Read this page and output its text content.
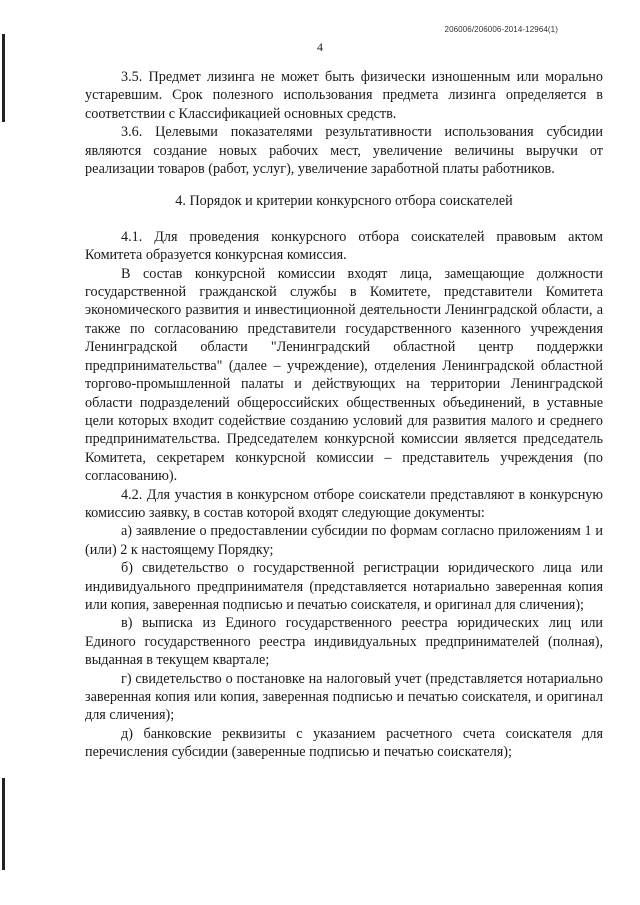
206006/206006-2014-12964(1)
4

3.5. Предмет лизинга не может быть физически изношенным или морально устаревшим. Срок полезного использования предмета лизинга определяется в соответствии с Классификацией основных средств.

3.6. Целевыми показателями результативности использования субсидии являются создание новых рабочих мест, увеличение величины выручки от реализации товаров (работ, услуг), увеличение заработной платы работников.

4. Порядок и критерии конкурсного отбора соискателей

4.1. Для проведения конкурсного отбора соискателей правовым актом Комитета образуется конкурсная комиссия.

В состав конкурсной комиссии входят лица, замещающие должности государственной гражданской службы в Комитете, представители Комитета экономического развития и инвестиционной деятельности Ленинградской области, а также по согласованию представители государственного казенного учреждения Ленинградской области "Ленинградский областной центр поддержки предпринимательства" (далее – учреждение), отделения Ленинградской областной торгово-промышленной палаты и действующих на территории Ленинградской области подразделений общероссийских общественных объединений, в уставные цели которых входит содействие созданию условий для развития малого и среднего предпринимательства. Председателем конкурсной комиссии является председатель Комитета, секретарем конкурсной комиссии – представитель учреждения (по согласованию).

4.2. Для участия в конкурсном отборе соискатели представляют в конкурсную комиссию заявку, в состав которой входят следующие документы:

а) заявление о предоставлении субсидии по формам согласно приложениям 1 и (или) 2 к настоящему Порядку;

б) свидетельство о государственной регистрации юридического лица или индивидуального предпринимателя (представляется нотариально заверенная копия или копия, заверенная подписью и печатью соискателя, и оригинал для сличения);

в) выписка из Единого государственного реестра юридических лиц или Единого государственного реестра индивидуальных предпринимателей (полная), выданная в текущем квартале;

г) свидетельство о постановке на налоговый учет (представляется нотариально заверенная копия или копия, заверенная подписью и печатью соискателя, и оригинал для сличения);

д) банковские реквизиты с указанием расчетного счета соискателя для перечисления субсидии (заверенные подписью и печатью соискателя);
